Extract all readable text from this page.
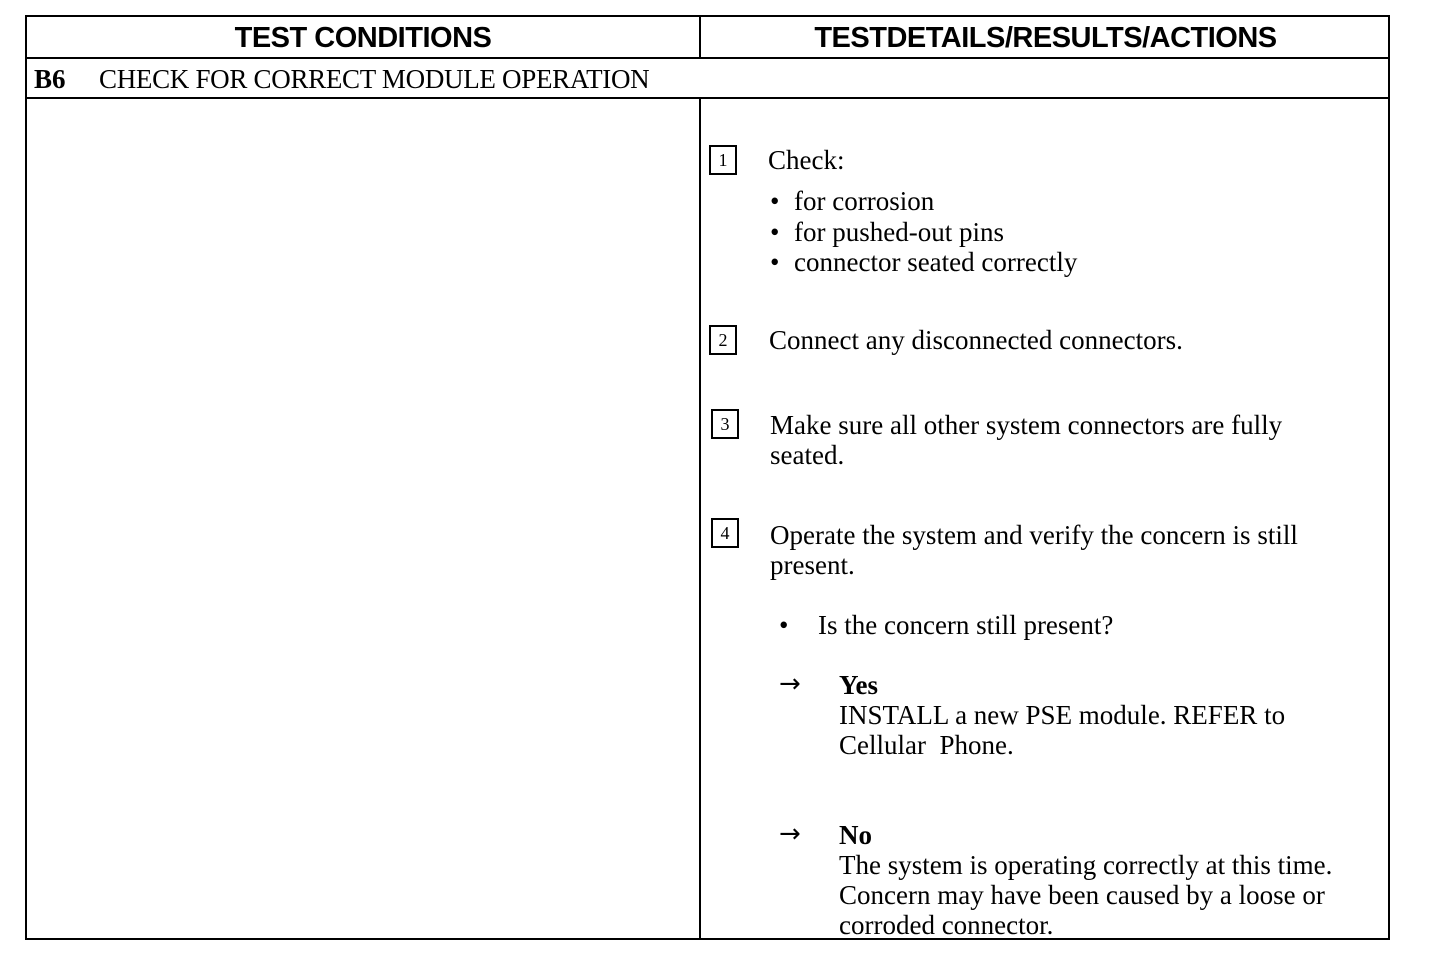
TEST CONDITIONS	TESTDETAILS/RESULTS/ACTIONS
B6 CHECK FOR CORRECT MODULE OPERATION
1	Check:
• for corrosion
• for pushed-out pins
• connector seated correctly
2	Connect any disconnected connectors.
3	Make sure all other system connectors are fully
seated.
4	Operate the system and verify the concern is still
present.
• Is the concern still present?
→ Yes
INSTALL a new PSE module. REFER to
Cellular  Phone.
→ No
The system is operating correctly at this time.
Concern may have been caused by a loose or
corroded connector.
